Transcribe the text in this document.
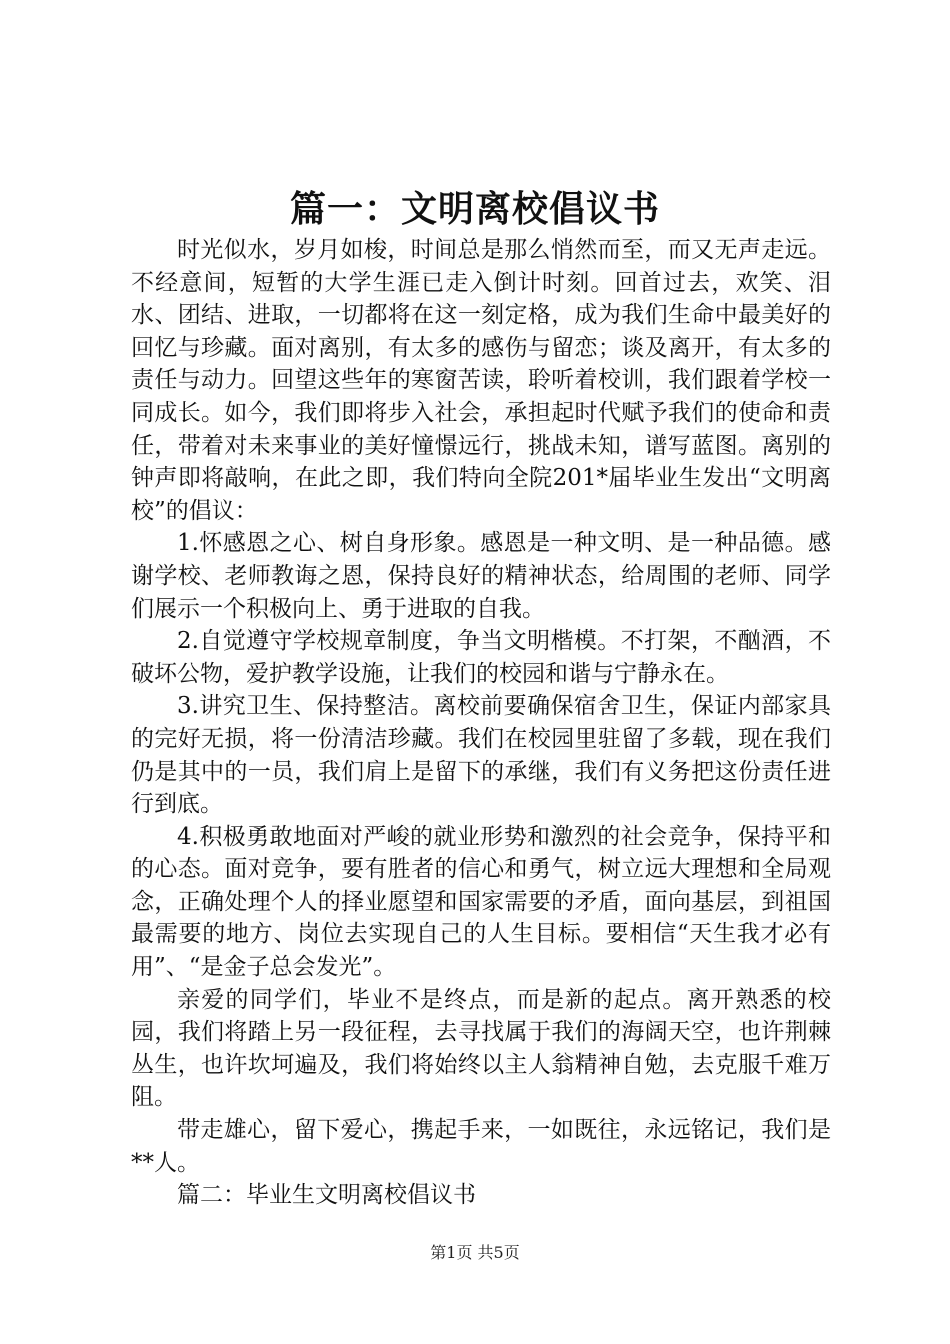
篇一：文明离校倡议书

时光似水，岁月如梭，时间总是那么悄然而至，而又无声走远。不经意间，短暂的大学生涯已走入倒计时刻。回首过去，欢笑、泪水、团结、进取，一切都将在这一刻定格，成为我们生命中最美好的回忆与珍藏。面对离别，有太多的感伤与留恋；谈及离开，有太多的责任与动力。回望这些年的寒窗苦读，聆听着校训，我们跟着学校一同成长。如今，我们即将步入社会，承担起时代赋予我们的使命和责任，带着对未来事业的美好憧憬远行，挑战未知，谱写蓝图。离别的钟声即将敲响，在此之即，我们特向全院201*届毕业生发出“文明离校”的倡议：

1.怀感恩之心、树自身形象。感恩是一种文明、是一种品德。感谢学校、老师教诲之恩，保持良好的精神状态，给周围的老师、同学们展示一个积极向上、勇于进取的自我。

2.自觉遵守学校规章制度，争当文明楷模。不打架，不酗酒，不破坏公物，爱护教学设施，让我们的校园和谐与宁静永在。

3.讲究卫生、保持整洁。离校前要确保宿舍卫生，保证内部家具的完好无损，将一份清洁珍藏。我们在校园里驻留了多载，现在我们仍是其中的一员，我们肩上是留下的承继，我们有义务把这份责任进行到底。

4.积极勇敢地面对严峻的就业形势和激烈的社会竞争，保持平和的心态。面对竞争，要有胜者的信心和勇气，树立远大理想和全局观念，正确处理个人的择业愿望和国家需要的矛盾，面向基层，到祖国最需要的地方、岗位去实现自己的人生目标。要相信“天生我才必有用”、“是金子总会发光”。

亲爱的同学们，毕业不是终点，而是新的起点。离开熟悉的校园，我们将踏上另一段征程，去寻找属于我们的海阔天空，也许荆棘丛生，也许坎坷遍及，我们将始终以主人翁精神自勉，去克服千难万阻。

带走雄心，留下爱心，携起手来，一如既往，永远铭记，我们是**人。

篇二：毕业生文明离校倡议书

第1页 共5页
